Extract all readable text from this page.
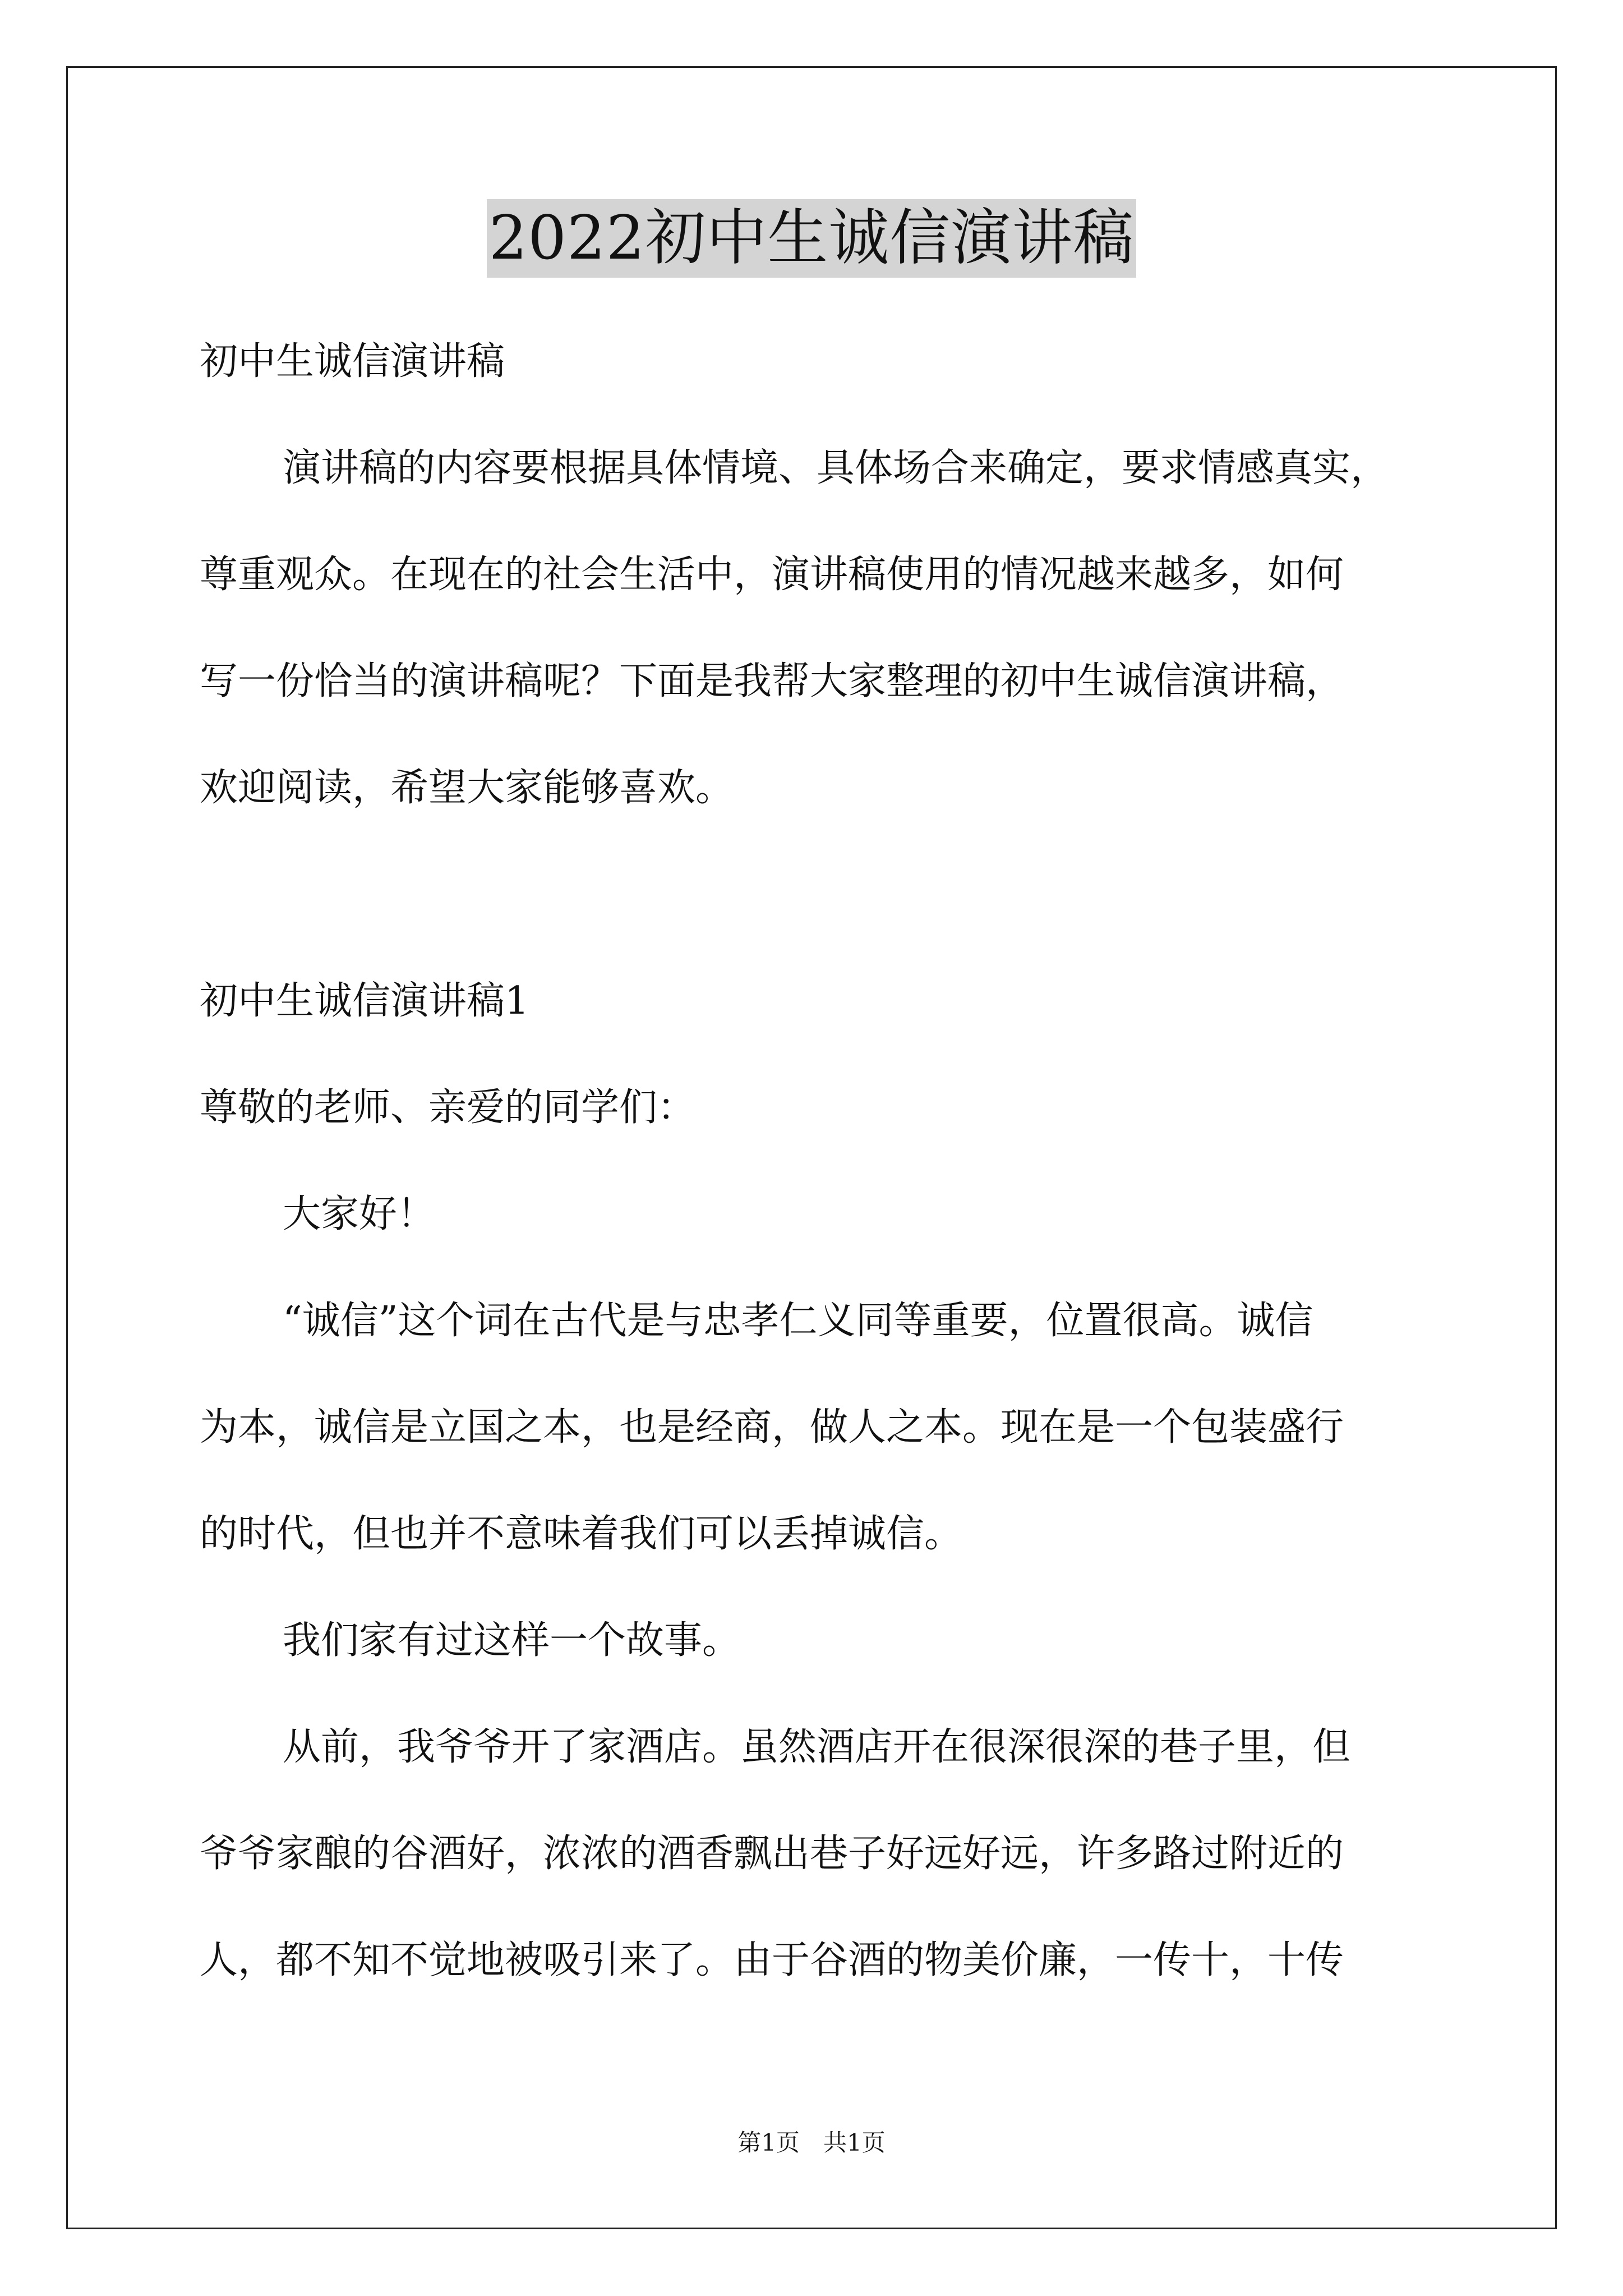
2022初中生诚信演讲稿
初中生诚信演讲稿
演讲稿的内容要根据具体情境、具体场合来确定，要求情感真实，
尊重观众。在现在的社会生活中，演讲稿使用的情况越来越多，如何
写一份恰当的演讲稿呢？下面是我帮大家整理的初中生诚信演讲稿，
欢迎阅读，希望大家能够喜欢。
初中生诚信演讲稿1
尊敬的老师、亲爱的同学们：
大家好！
“诚信”这个词在古代是与忠孝仁义同等重要，位置很高。诚信
为本，诚信是立国之本，也是经商，做人之本。现在是一个包装盛行
的时代，但也并不意味着我们可以丢掉诚信。
我们家有过这样一个故事。
从前，我爷爷开了家酒店。虽然酒店开在很深很深的巷子里，但
爷爷家酿的谷酒好，浓浓的酒香飘出巷子好远好远，许多路过附近的
人，都不知不觉地被吸引来了。由于谷酒的物美价廉，一传十，十传
第1页　共1页
